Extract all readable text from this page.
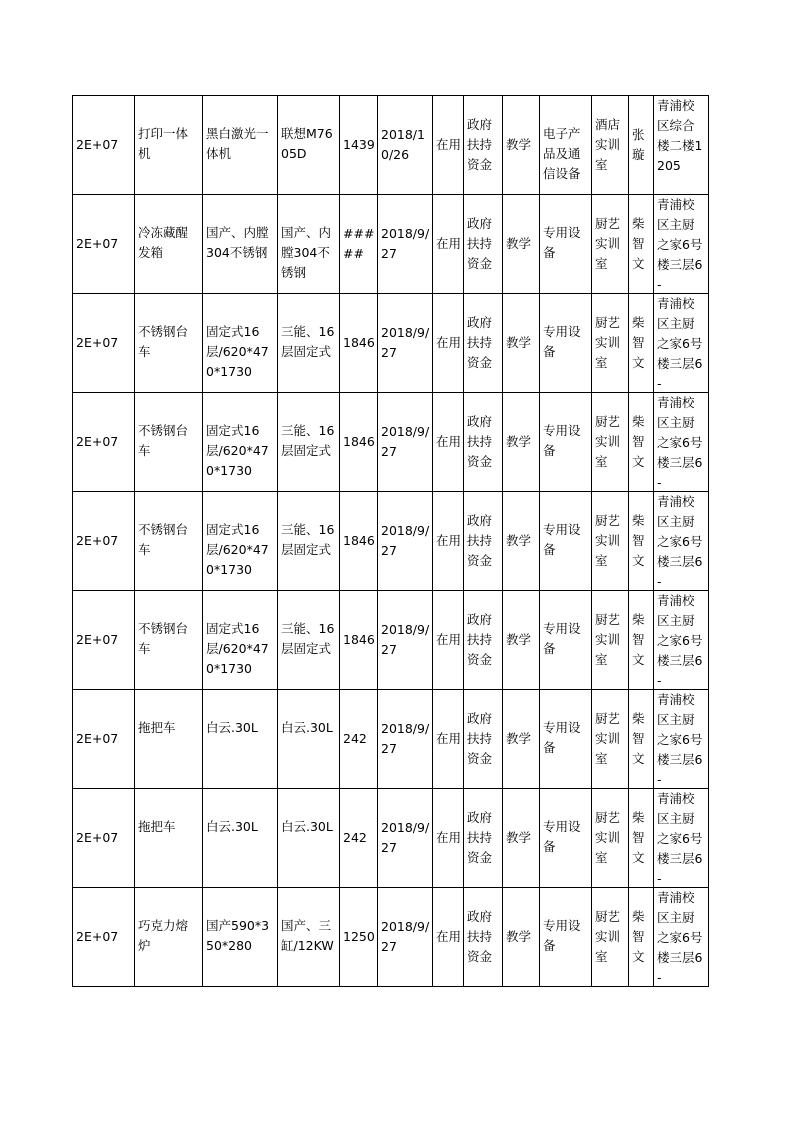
2E+07	打印一体机	黑白激光一体机	联想M7605D	1439	2018/10/26	在用	政府扶持资金	教学	电子产品及通信设备	酒店实训室	张璇	青浦校区综合楼二楼1205

2E+07	冷冻藏醒发箱	国产、内膛304不锈钢	国产、内膛304不锈钢	#####	2018/9/27	在用	政府扶持资金	教学	专用设备	厨艺实训室	柴智文	青浦校区主厨之家6号楼三层6-

2E+07	不锈钢台车	固定式16层/620*470*1730	三能、16层固定式	1846	2018/9/27	在用	政府扶持资金	教学	专用设备	厨艺实训室	柴智文	青浦校区主厨之家6号楼三层6-

2E+07	不锈钢台车	固定式16层/620*470*1730	三能、16层固定式	1846	2018/9/27	在用	政府扶持资金	教学	专用设备	厨艺实训室	柴智文	青浦校区主厨之家6号楼三层6-

2E+07	不锈钢台车	固定式16层/620*470*1730	三能、16层固定式	1846	2018/9/27	在用	政府扶持资金	教学	专用设备	厨艺实训室	柴智文	青浦校区主厨之家6号楼三层6-

2E+07	不锈钢台车	固定式16层/620*470*1730	三能、16层固定式	1846	2018/9/27	在用	政府扶持资金	教学	专用设备	厨艺实训室	柴智文	青浦校区主厨之家6号楼三层6-

2E+07	拖把车	白云.30L	白云.30L	242	2018/9/27	在用	政府扶持资金	教学	专用设备	厨艺实训室	柴智文	青浦校区主厨之家6号楼三层6-

2E+07	拖把车	白云.30L	白云.30L	242	2018/9/27	在用	政府扶持资金	教学	专用设备	厨艺实训室	柴智文	青浦校区主厨之家6号楼三层6-

2E+07	巧克力熔炉	国产590*350*280	国产、三缸/12KW	1250	2018/9/27	在用	政府扶持资金	教学	专用设备	厨艺实训室	柴智文	青浦校区主厨之家6号楼三层6-
